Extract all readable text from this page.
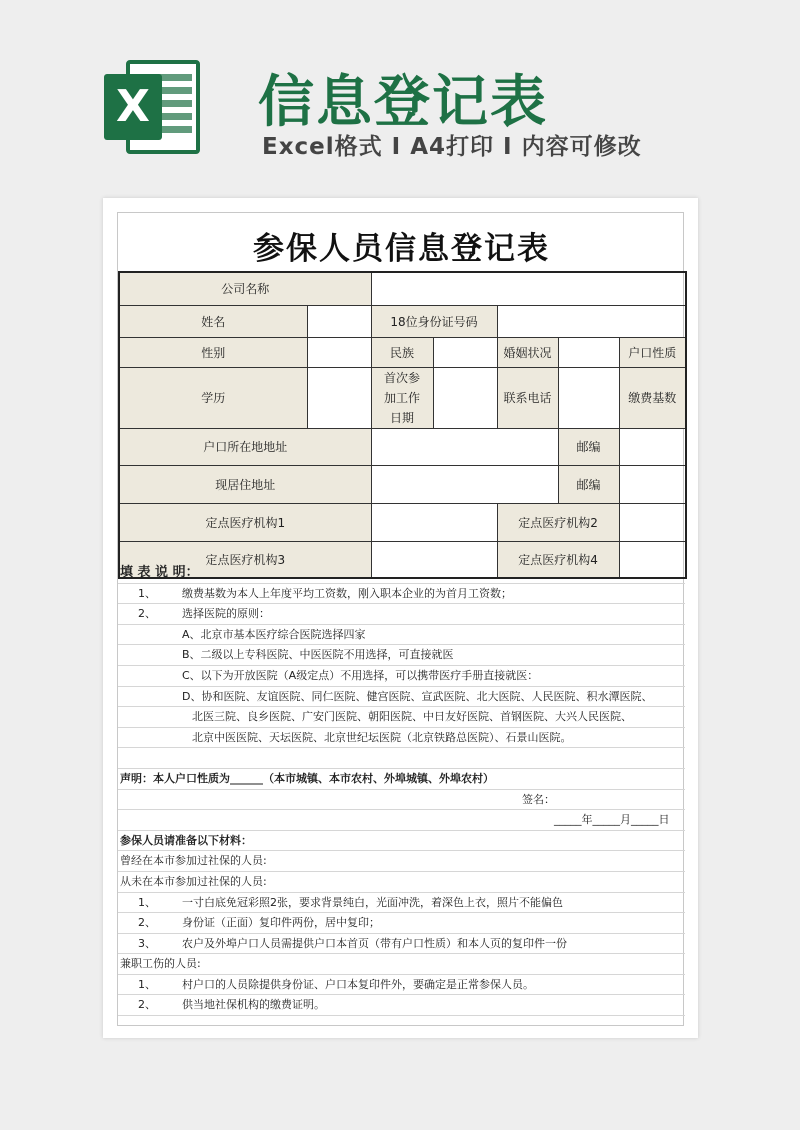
X 信息登记表
Excel格式 I A4打印 I 内容可修改
参保人员信息登记表
公司名称						
姓名		18位身份证号码				
性别		民族		婚姻状况		户口性质
学历		首次参加工作日期		联系电话		缴费基数
户口所在地地址					邮编	
现居住地址					邮编	
定点医疗机构1				定点医疗机构2		
定点医疗机构3				定点医疗机构4		
填 表 说 明：
1、 缴费基数为本人上年度平均工资数，刚入职本企业的为首月工资数；
2、 选择医院的原则：
A、北京市基本医疗综合医院选择四家
B、二级以上专科医院、中医医院不用选择，可直接就医
C、以下为开放医院（A级定点）不用选择，可以携带医疗手册直接就医：
D、协和医院、友谊医院、同仁医院、健宫医院、宣武医院、北大医院、人民医院、积水潭医院、
北医三院、良乡医院、广安门医院、朝阳医院、中日友好医院、首钢医院、大兴人民医院、
北京中医医院、天坛医院、北京世纪坛医院（北京铁路总医院）、石景山医院。
声明：本人户口性质为______（本市城镇、本市农村、外埠城镇、外埠农村）
签名：
_____年_____月_____日
参保人员请准备以下材料：
曾经在本市参加过社保的人员:
从未在本市参加过社保的人员:
1、 一寸白底免冠彩照2张，要求背景纯白，光面冲洗，着深色上衣，照片不能偏色
2、 身份证（正面）复印件两份，居中复印；
3、 农户及外埠户口人员需提供户口本首页（带有户口性质）和本人页的复印件一份
兼职工伤的人员:
1、 村户口的人员除提供身份证、户口本复印件外，要确定是正常参保人员。
2、 供当地社保机构的缴费证明。
